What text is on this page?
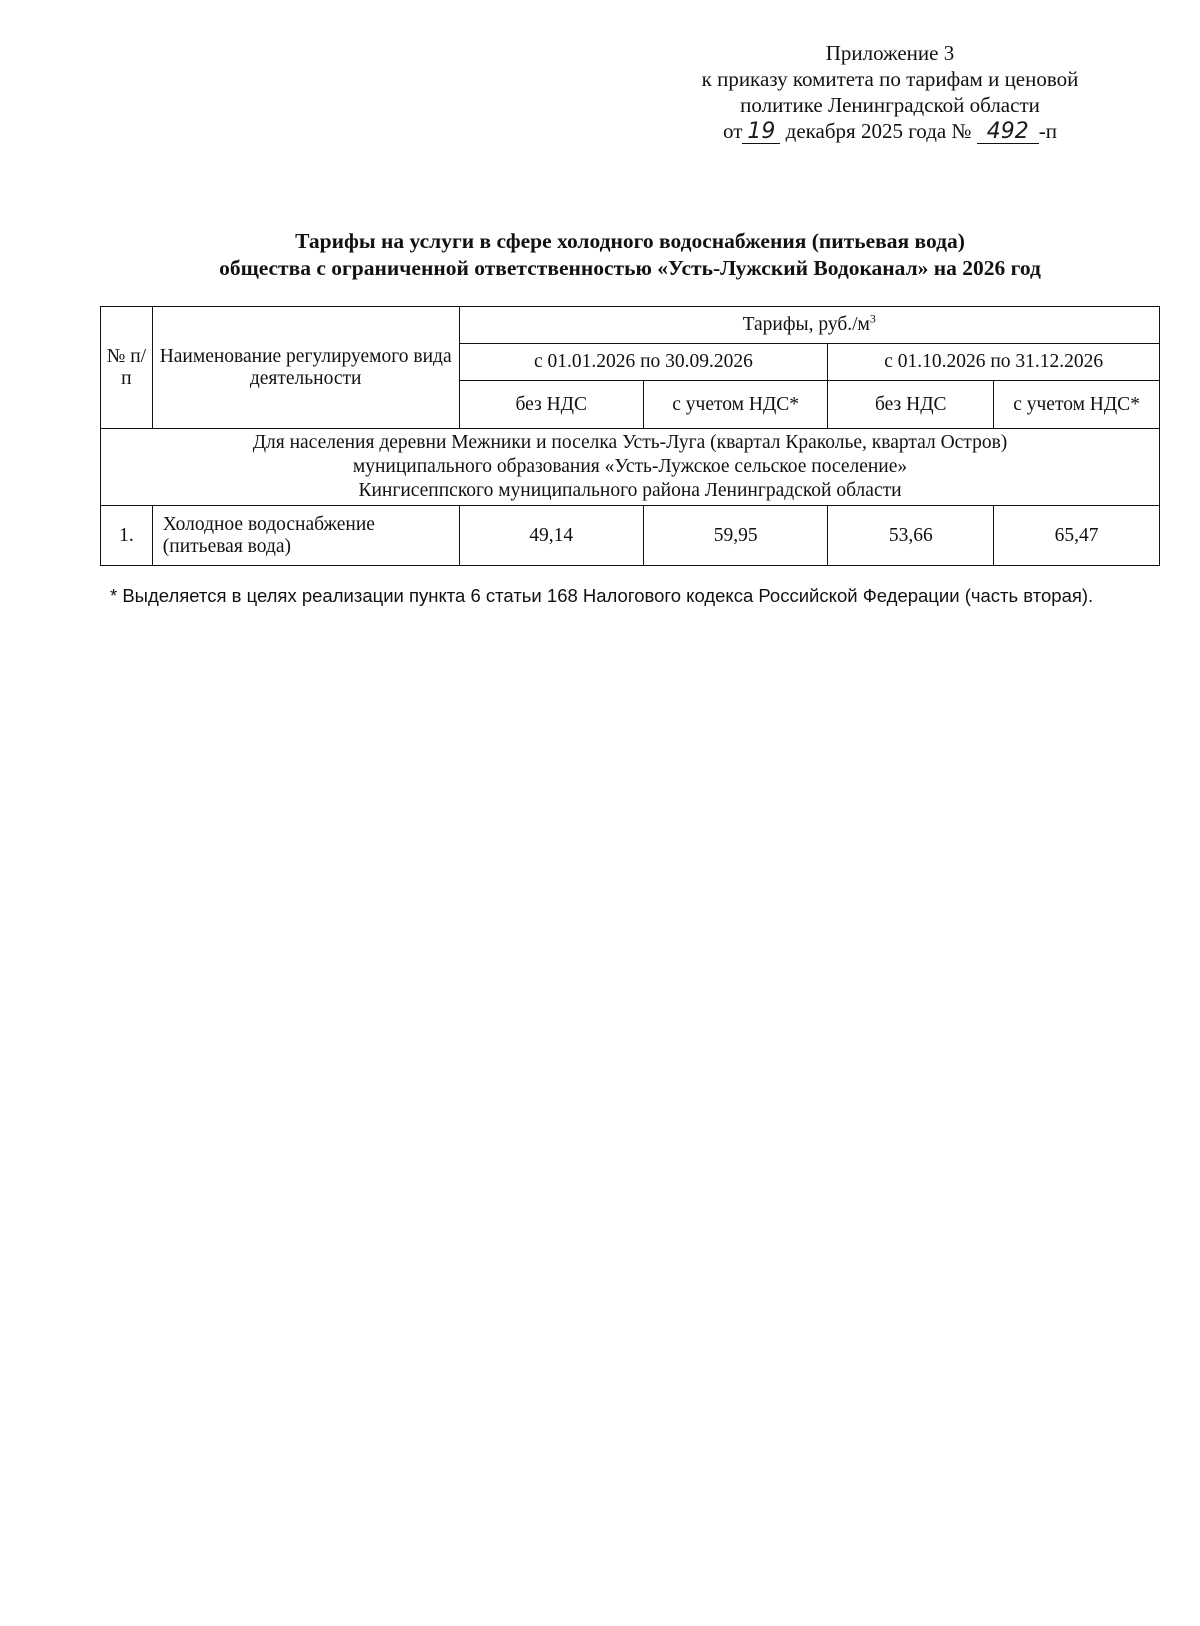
Приложение 3
к приказу комитета по тарифам и ценовой
политике Ленинградской области
от 19 декабря 2025 года № 492 -п
Тарифы на услуги в сфере холодного водоснабжения (питьевая вода)
общества с ограниченной ответственностью «Усть-Лужский Водоканал» на 2026 год
№ п/п	Наименование регулируемого вида деятельности	Тарифы, $руб./м^3$
		с 01.01.2026 по 30.09.2026		с 01.10.2026 по 31.12.2026	
		без НДС	с учетом НДС*	без НДС	с учетом НДС*

Для населения деревни Межники и поселка Усть-Луга (квартал Краколье, квартал Остров)
муниципального образования «Усть-Лужское сельское поселение»
Кингисеппского муниципального района Ленинградской области					

1.	Холодное водоснабжение (питьевая вода)	49,14	59,95	53,66	65,47
* Выделяется в целях реализации пункта 6 статьи 168 Налогового кодекса Российской Федерации (часть вторая).
